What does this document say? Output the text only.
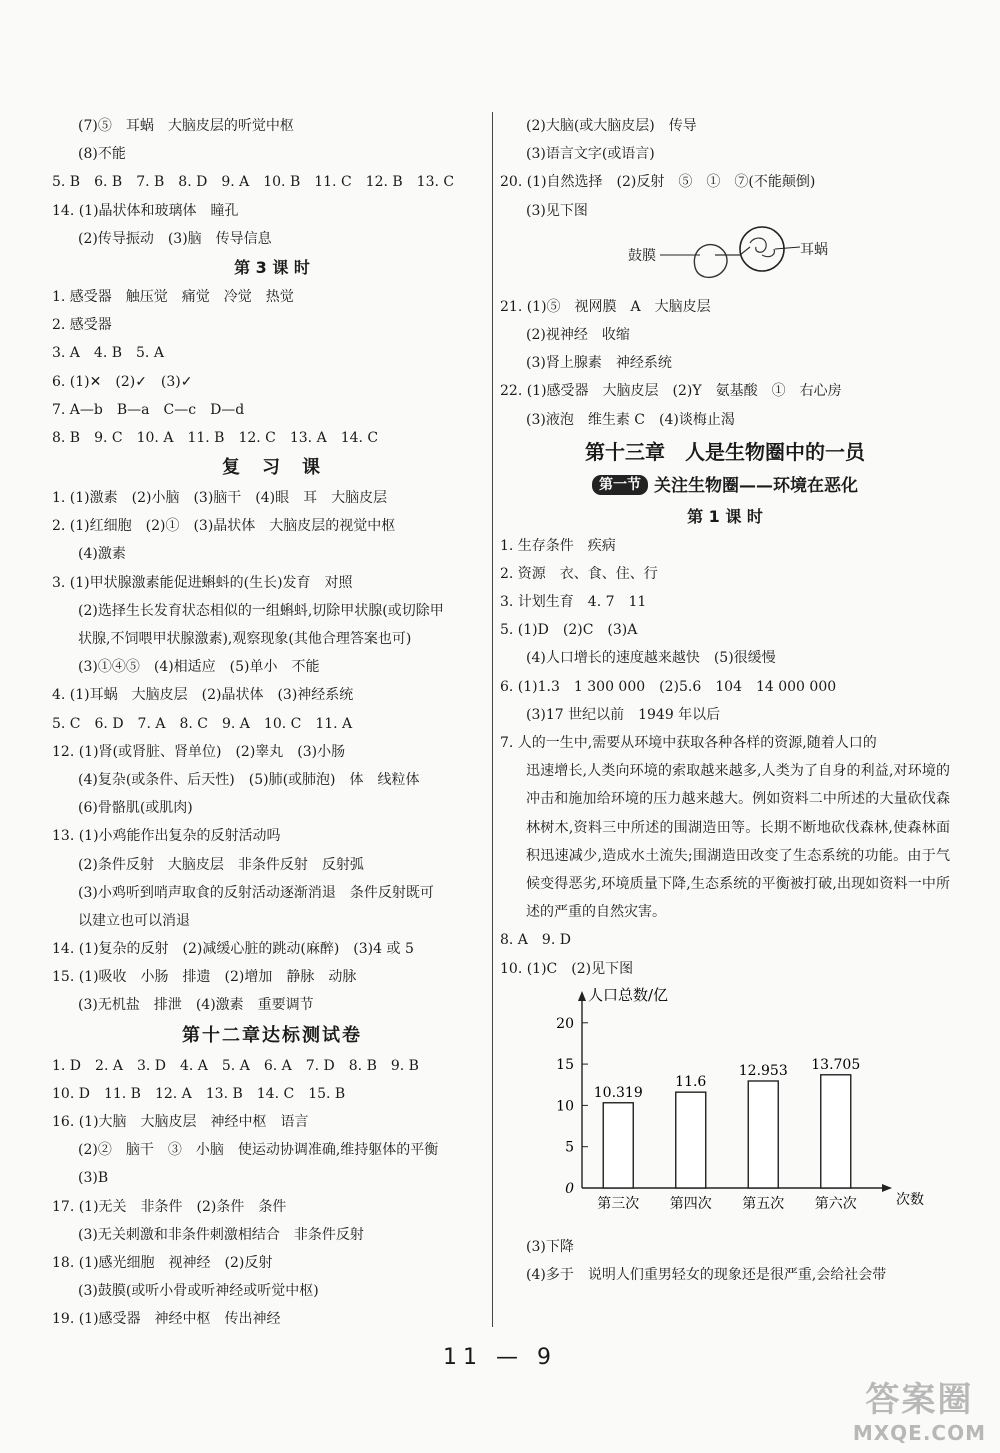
(7)⑤　耳蜗　大脑皮层的听觉中枢
(8)不能
5. B　6. B　7. B　8. D　9. A　10. B　11. C　12. B　13. C
14. (1)晶状体和玻璃体　瞳孔
(2)传导振动　(3)脑　传导信息
第 3 课 时
1. 感受器　触压觉　痛觉　冷觉　热觉
2. 感受器
3. A　4. B　5. A
6. (1)✕　(2)✓　(3)✓
7. A—b　B—a　C—c　D—d
8. B　9. C　10. A　11. B　12. C　13. A　14. C
复　习　课
1. (1)激素　(2)小脑　(3)脑干　(4)眼　耳　大脑皮层
2. (1)红细胞　(2)①　(3)晶状体　大脑皮层的视觉中枢
(4)激素
3. (1)甲状腺激素能促进蝌蚪的(生长)发育　对照
(2)选择生长发育状态相似的一组蝌蚪,切除甲状腺(或切除甲
状腺,不饲喂甲状腺激素),观察现象(其他合理答案也可)
(3)①④⑤　(4)相适应　(5)单小　不能
4. (1)耳蜗　大脑皮层　(2)晶状体　(3)神经系统
5. C　6. D　7. A　8. C　9. A　10. C　11. A
12. (1)肾(或肾脏、肾单位)　(2)睾丸　(3)小肠
(4)复杂(或条件、后天性)　(5)肺(或肺泡)　体　线粒体
(6)骨骼肌(或肌肉)
13. (1)小鸡能作出复杂的反射活动吗
(2)条件反射　大脑皮层　非条件反射　反射弧
(3)小鸡听到哨声取食的反射活动逐渐消退　条件反射既可
以建立也可以消退
14. (1)复杂的反射　(2)减缓心脏的跳动(麻醉)　(3)4 或 5
15. (1)吸收　小肠　排遗　(2)增加　静脉　动脉
(3)无机盐　排泄　(4)激素　重要调节
第十二章达标测试卷
1. D　2. A　3. D　4. A　5. A　6. A　7. D　8. B　9. B
10. D　11. B　12. A　13. B　14. C　15. B
16. (1)大脑　大脑皮层　神经中枢　语言
(2)②　脑干　③　小脑　使运动协调准确,维持躯体的平衡
(3)B
17. (1)无关　非条件　(2)条件　条件
(3)无关刺激和非条件刺激相结合　非条件反射
18. (1)感光细胞　视神经　(2)反射
(3)鼓膜(或听小骨或听神经或听觉中枢)
19. (1)感受器　神经中枢　传出神经
(2)大脑(或大脑皮层)　传导
(3)语言文字(或语言)
20. (1)自然选择　(2)反射　⑤　①　⑦(不能颠倒)
(3)见下图
鼓膜	耳蜗
21. (1)⑤　视网膜　A　大脑皮层
(2)视神经　收缩
(3)肾上腺素　神经系统
22. (1)感受器　大脑皮层　(2)Y　氨基酸　①　右心房
(3)液泡　维生素 C　(4)谈梅止渴
第十三章　人是生物圈中的一员
第一节 关注生物圈——环境在恶化
第 1 课 时
1. 生存条件　疾病
2. 资源　衣、食、住、行
3. 计划生育　4. 7　11
5. (1)D　(2)C　(3)A
(4)人口增长的速度越来越快　(5)很缓慢
6. (1)1.3　1 300 000　(2)5.6　104　14 000 000
(3)17 世纪以前　1949 年以后
7. 人的一生中,需要从环境中获取各种各样的资源,随着人口的
迅速增长,人类向环境的索取越来越多,人类为了自身的利益,对环境的冲击和施加给环境的压力越来越大。例如资料二中所述的大量砍伐森林树木,资料三中所述的围湖造田等。长期不断地砍伐森林,使森林面积迅速减少,造成水土流失;围湖造田改变了生态系统的功能。由于气候变得恶劣,环境质量下降,生态系统的平衡被打破,出现如资料一中所述的严重的自然灾害。
8. A　9. D
10. (1)C　(2)见下图
人口总数/亿
次数
0
5
10
15
20
10.319
第三次
11.6
第四次
12.953
第五次
13.705
第六次
(3)下降
(4)多于　说明人们重男轻女的现象还是很严重,会给社会带
11 — 9
答案圈
MXQE.COM
